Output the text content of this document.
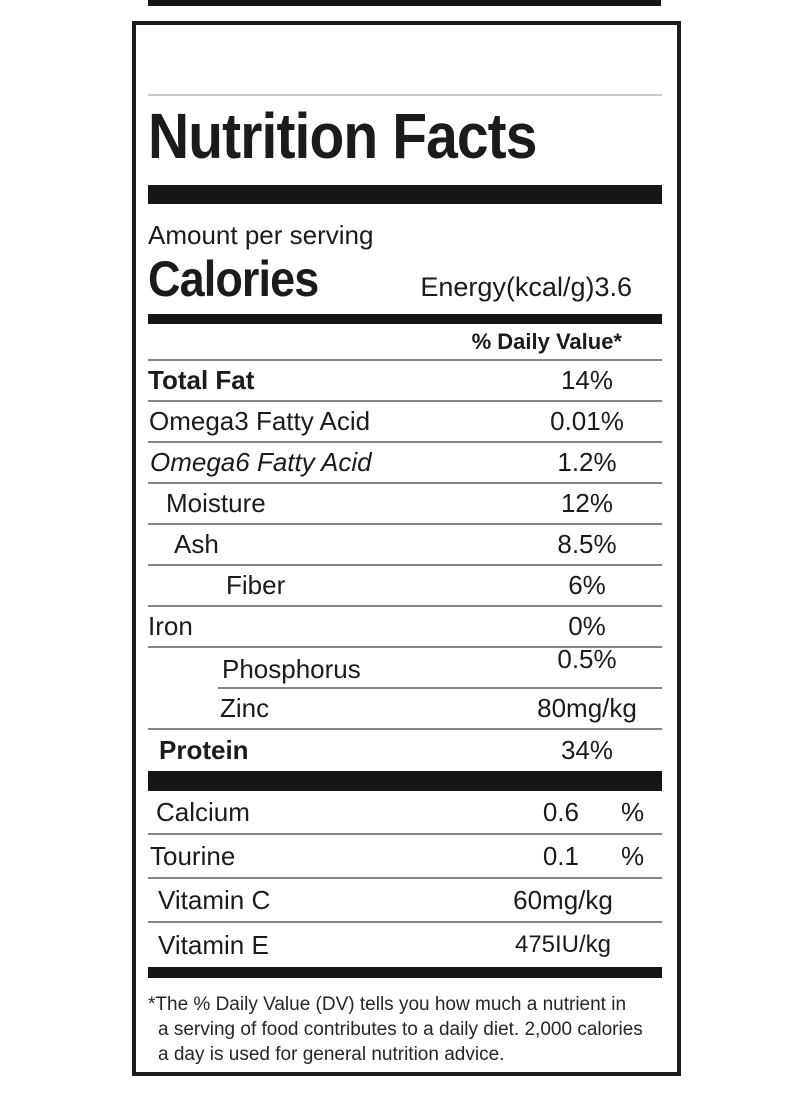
Nutrition Facts
Amount per serving
Calories	Energy(kcal/g)3.6
% Daily Value*
Total Fat	14%
Omega3 Fatty Acid	0.01%
Omega6 Fatty Acid	1.2%
Moisture	12%
Ash	8.5%
Fiber	6%
Iron	0%
Phosphorus	0.5%
Zinc	80mg/kg
Protein	34%
Calcium	0.6 %
Tourine	0.1 %
Vitamin C	60mg/kg
Vitamin E	475IU/kg
*The % Daily Value (DV) tells you how much a nutrient in
a serving of food contributes to a daily diet. 2,000 calories
a day is used for general nutrition advice.
